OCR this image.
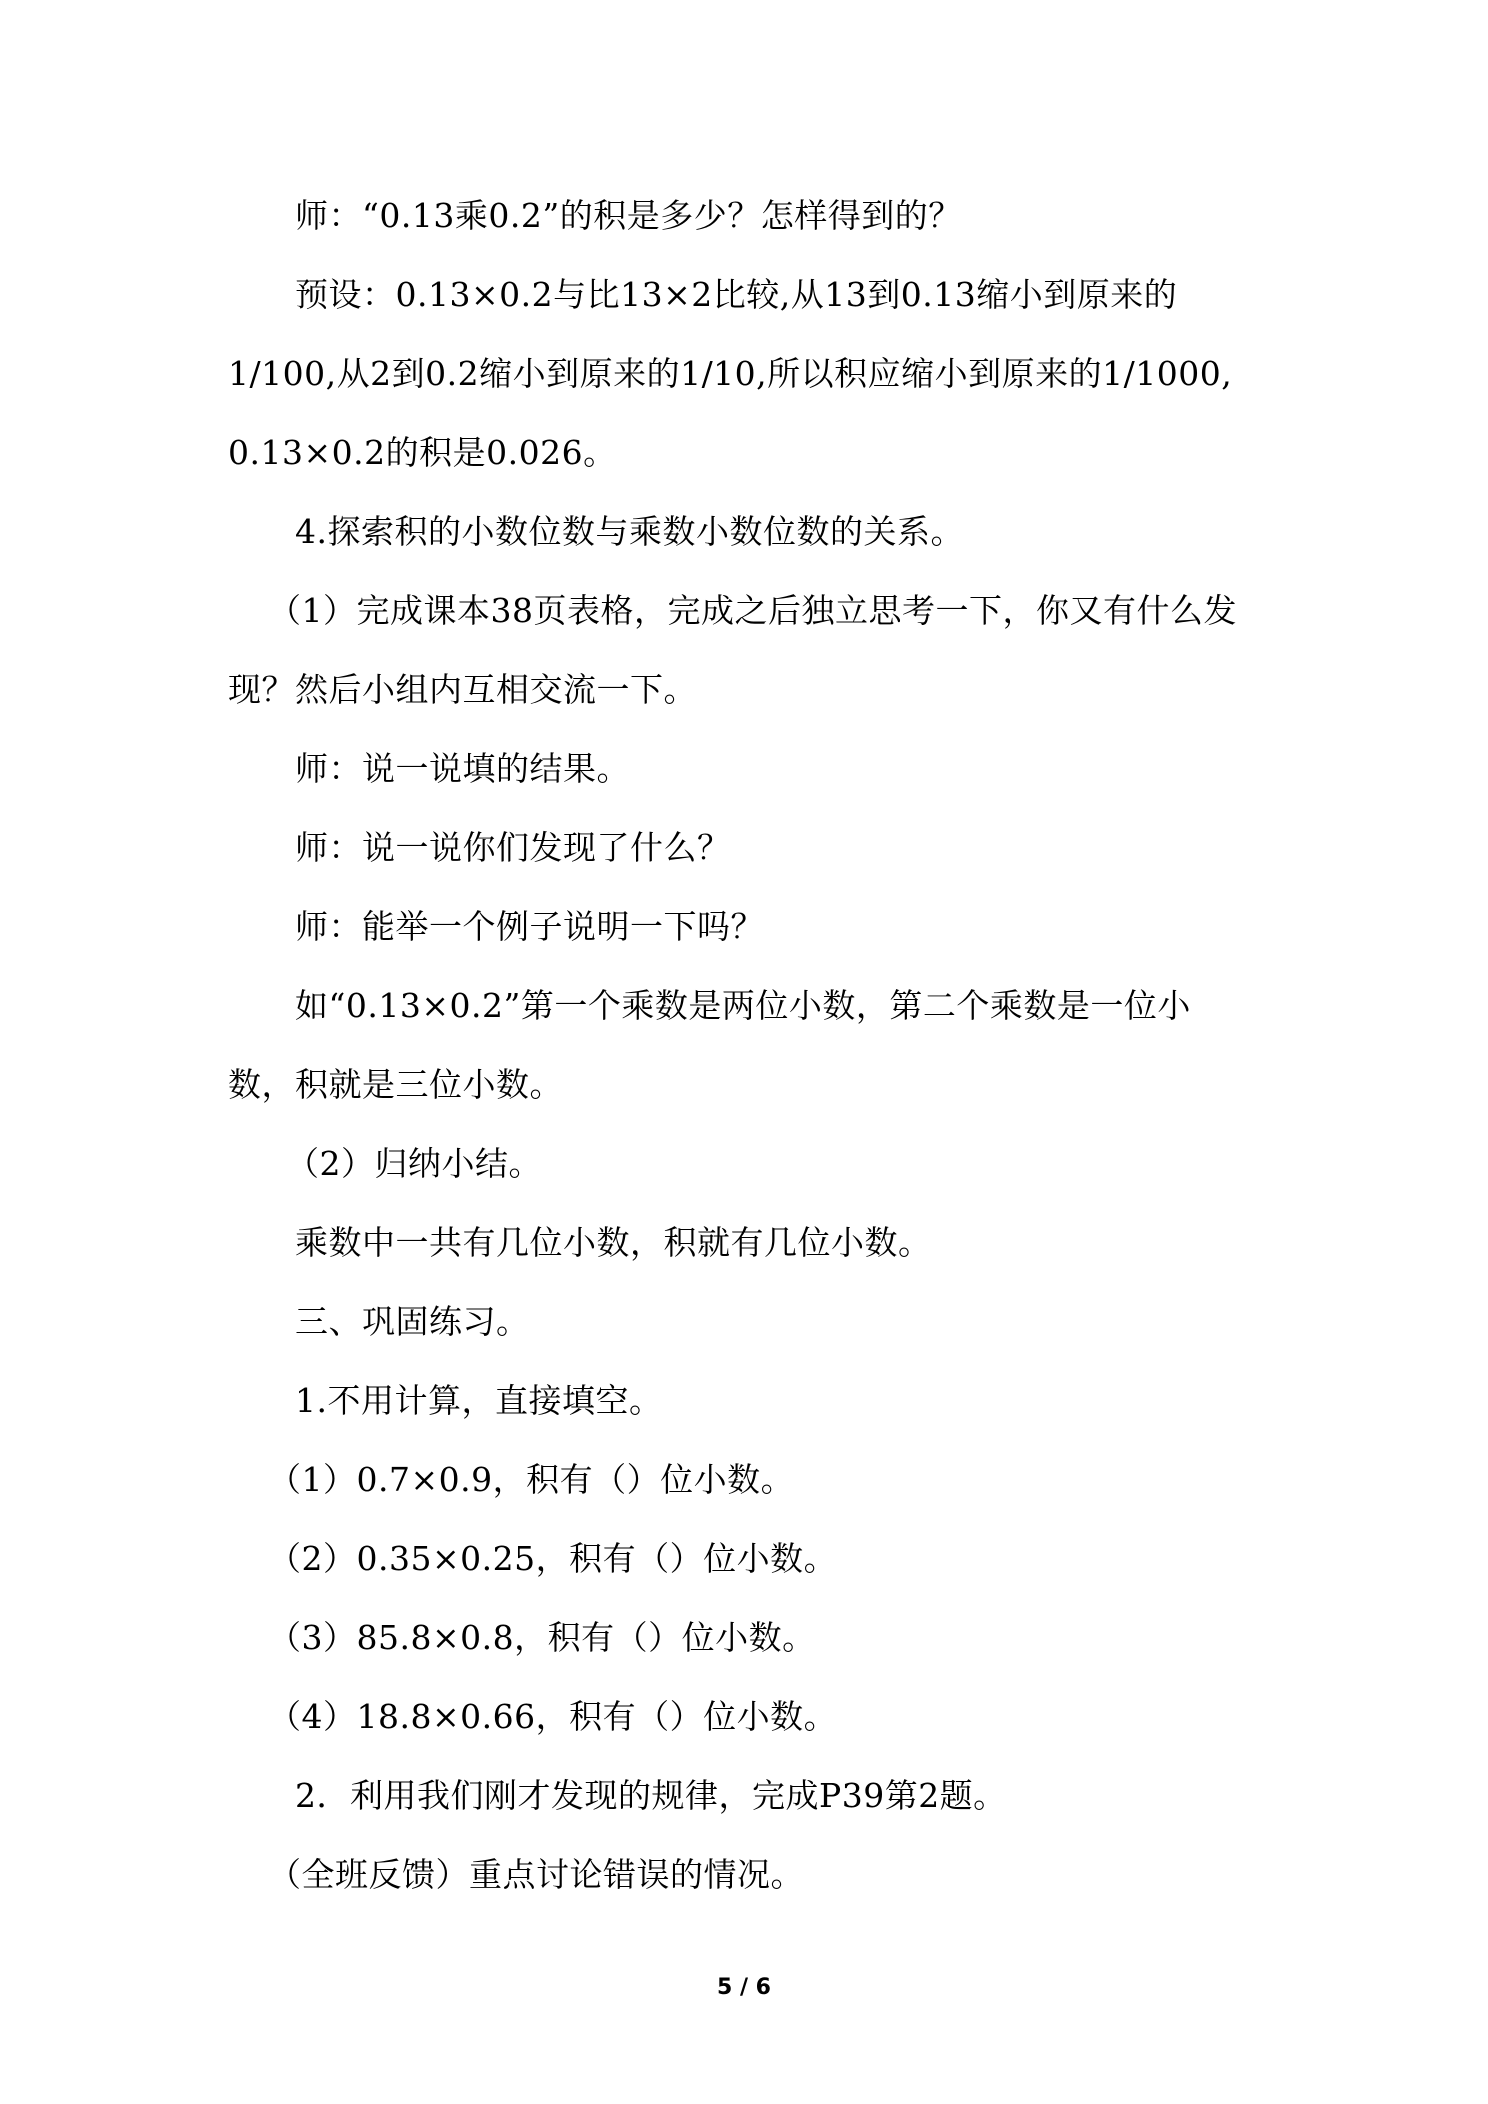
师：“0.13乘0.2”的积是多少？怎样得到的？
预设：0.13×0.2与比13×2比较,从13到0.13缩小到原来的
1/100,从2到0.2缩小到原来的1/10,所以积应缩小到原来的1/1000,
0.13×0.2的积是0.026。
4.探索积的小数位数与乘数小数位数的关系。
（1）完成课本38页表格，完成之后独立思考一下，你又有什么发
现？然后小组内互相交流一下。
师：说一说填的结果。
师：说一说你们发现了什么？
师：能举一个例子说明一下吗？
如“0.13×0.2”第一个乘数是两位小数，第二个乘数是一位小
数，积就是三位小数。
（2）归纳小结。
乘数中一共有几位小数，积就有几位小数。
三、巩固练习。
1.不用计算，直接填空。
（1）0.7×0.9，积有（）位小数。
（2）0.35×0.25，积有（）位小数。
（3）85.8×0.8，积有（）位小数。
（4）18.8×0.66，积有（）位小数。
2．利用我们刚才发现的规律，完成P39第2题。
（全班反馈）重点讨论错误的情况。
5 / 6
